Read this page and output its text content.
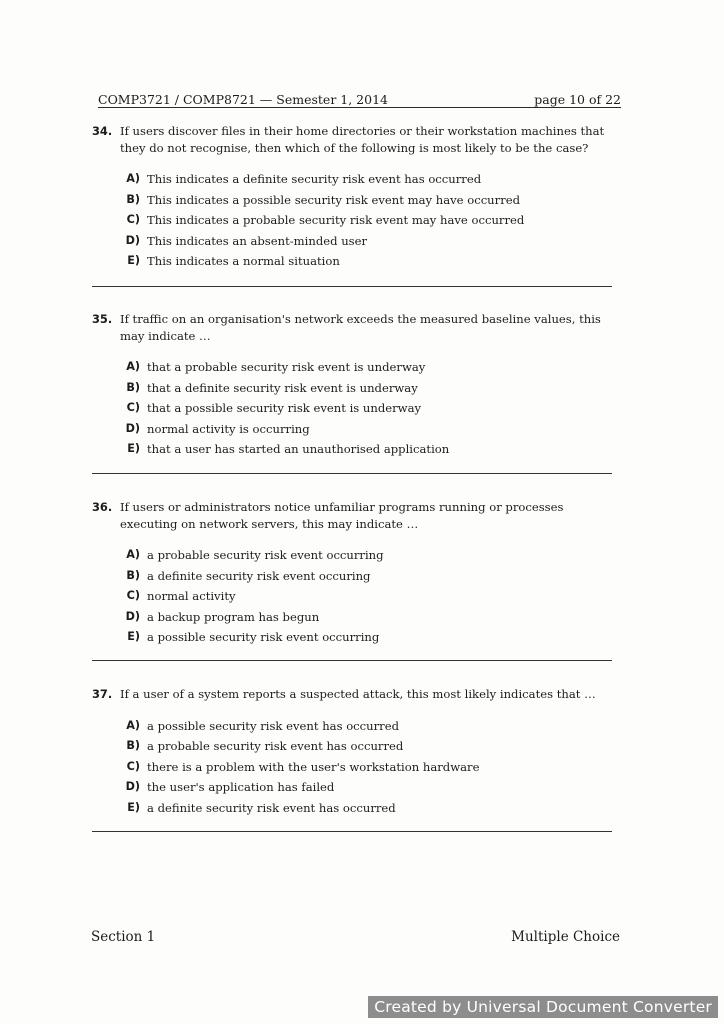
COMP3721 / COMP8721 — Semester 1, 2014	page 10 of 22

34. If users discover files in their home directories or their workstation machines that they do not recognise, then which of the following is most likely to be the case?

A) This indicates a definite security risk event has occurred
B) This indicates a possible security risk event may have occurred
C) This indicates a probable security risk event may have occurred
D) This indicates an absent-minded user
E) This indicates a normal situation

35. If traffic on an organisation's network exceeds the measured baseline values, this may indicate …

A) that a probable security risk event is underway
B) that a definite security risk event is underway
C) that a possible security risk event is underway
D) normal activity is occurring
E) that a user has started an unauthorised application

36. If users or administrators notice unfamiliar programs running or processes executing on network servers, this may indicate …

A) a probable security risk event occurring
B) a definite security risk event occuring
C) normal activity
D) a backup program has begun
E) a possible security risk event occurring

37. If a user of a system reports a suspected attack, this most likely indicates that …

A) a possible security risk event has occurred
B) a probable security risk event has occurred
C) there is a problem with the user's workstation hardware
D) the user's application has failed
E) a definite security risk event has occurred
Section 1	Multiple Choice
Created by Universal Document Converter
